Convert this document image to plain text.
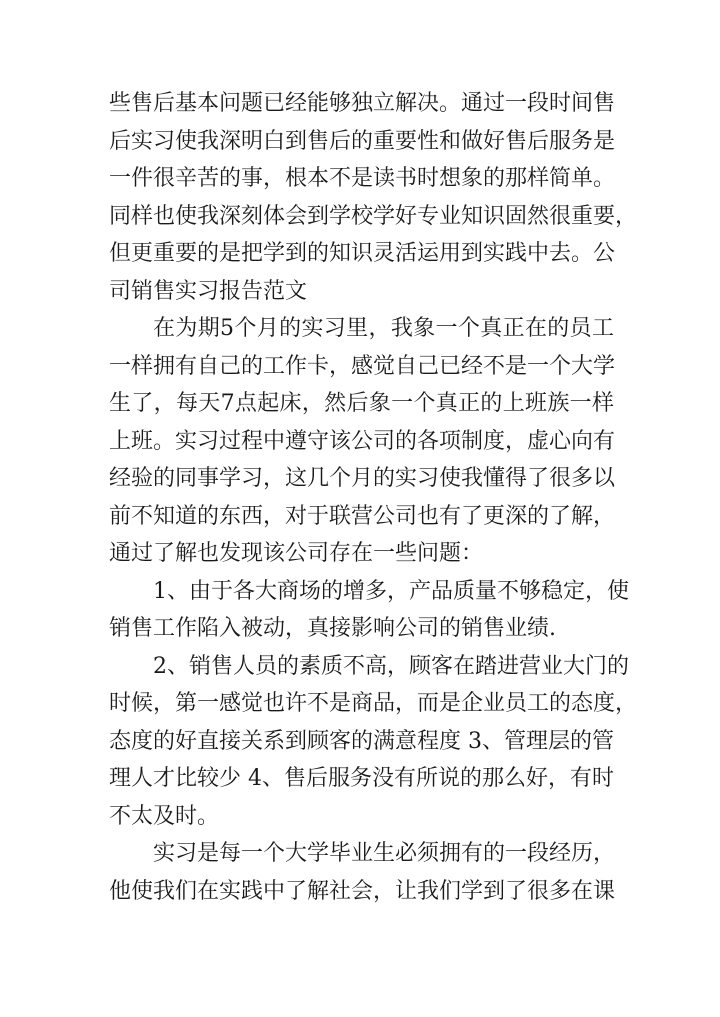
些售后基本问题已经能够独立解决。通过一段时间售
后实习使我深明白到售后的重要性和做好售后服务是
一件很辛苦的事，根本不是读书时想象的那样简单。
同样也使我深刻体会到学校学好专业知识固然很重要，
但更重要的是把学到的知识灵活运用到实践中去。公
司销售实习报告范文
在为期5个月的实习里，我象一个真正在的员工
一样拥有自己的工作卡，感觉自己已经不是一个大学
生了，每天7点起床，然后象一个真正的上班族一样
上班。实习过程中遵守该公司的各项制度，虚心向有
经验的同事学习，这几个月的实习使我懂得了很多以
前不知道的东西，对于联营公司也有了更深的了解，
通过了解也发现该公司存在一些问题：
1、由于各大商场的增多，产品质量不够稳定，使
销售工作陷入被动，真接影响公司的销售业绩.
2、销售人员的素质不高，顾客在踏进营业大门的
时候，第一感觉也许不是商品，而是企业员工的态度，
态度的好直接关系到顾客的满意程度 3、管理层的管
理人才比较少 4、售后服务没有所说的那么好，有时
不太及时。
实习是每一个大学毕业生必须拥有的一段经历，
他使我们在实践中了解社会，让我们学到了很多在课
